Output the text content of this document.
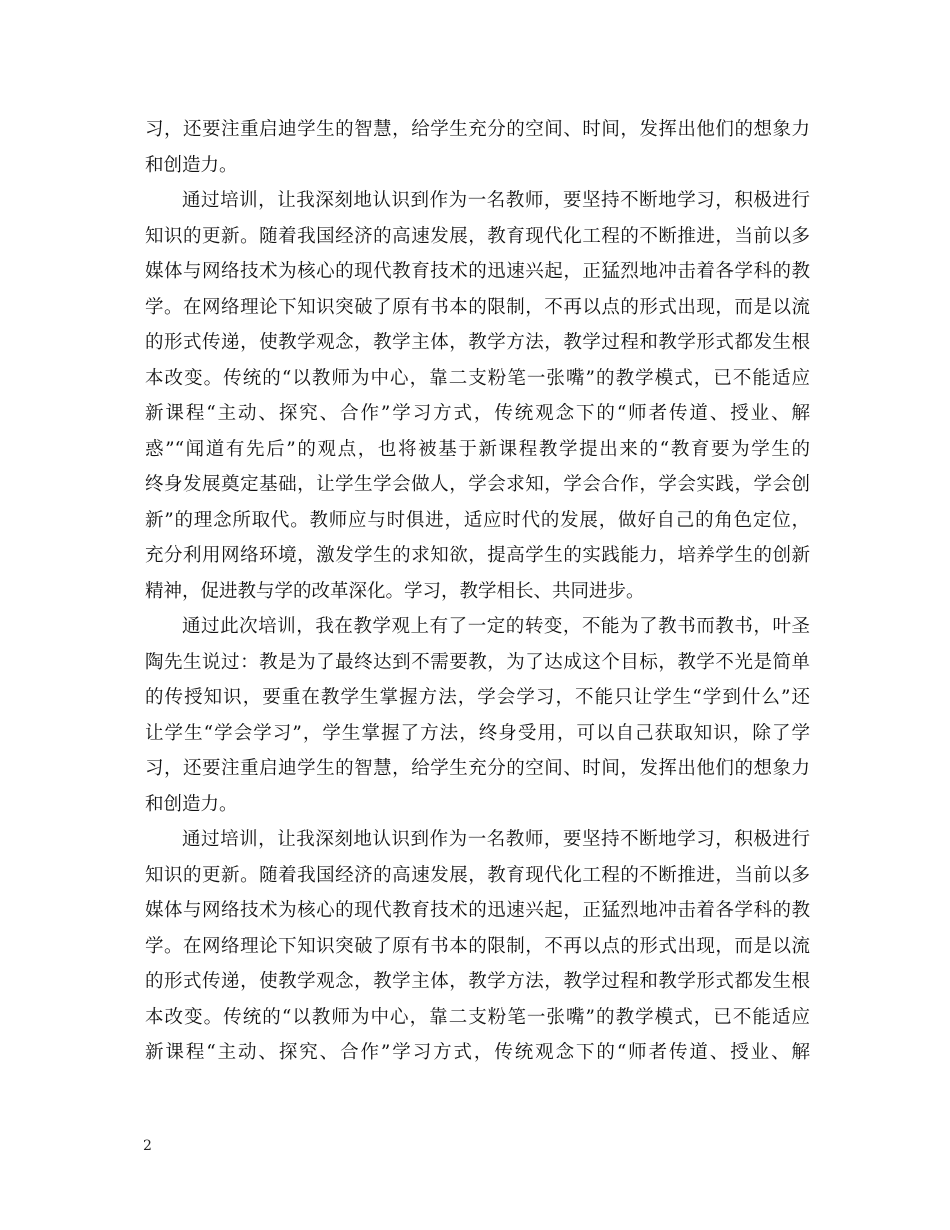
习，还要注重启迪学生的智慧，给学生充分的空间、时间，发挥出他们的想象力
和创造力。
通过培训，让我深刻地认识到作为一名教师，要坚持不断地学习，积极进行
知识的更新。随着我国经济的高速发展，教育现代化工程的不断推进，当前以多
媒体与网络技术为核心的现代教育技术的迅速兴起，正猛烈地冲击着各学科的教
学。在网络理论下知识突破了原有书本的限制，不再以点的形式出现，而是以流
的形式传递，使教学观念，教学主体，教学方法，教学过程和教学形式都发生根
本改变。传统的“以教师为中心，靠二支粉笔一张嘴”的教学模式，已不能适应
新课程“主动、探究、合作”学习方式，传统观念下的“师者传道、授业、解
惑”“闻道有先后”的观点，也将被基于新课程教学提出来的“教育要为学生的
终身发展奠定基础，让学生学会做人，学会求知，学会合作，学会实践，学会创
新”的理念所取代。教师应与时俱进，适应时代的发展，做好自己的角色定位，
充分利用网络环境，激发学生的求知欲，提高学生的实践能力，培养学生的创新
精神，促进教与学的改革深化。学习，教学相长、共同进步。
通过此次培训，我在教学观上有了一定的转变，不能为了教书而教书，叶圣
陶先生说过：教是为了最终达到不需要教，为了达成这个目标，教学不光是简单
的传授知识，要重在教学生掌握方法，学会学习，不能只让学生“学到什么”还
让学生“学会学习”，学生掌握了方法，终身受用，可以自己获取知识，除了学
习，还要注重启迪学生的智慧，给学生充分的空间、时间，发挥出他们的想象力
和创造力。
通过培训，让我深刻地认识到作为一名教师，要坚持不断地学习，积极进行
知识的更新。随着我国经济的高速发展，教育现代化工程的不断推进，当前以多
媒体与网络技术为核心的现代教育技术的迅速兴起，正猛烈地冲击着各学科的教
学。在网络理论下知识突破了原有书本的限制，不再以点的形式出现，而是以流
的形式传递，使教学观念，教学主体，教学方法，教学过程和教学形式都发生根
本改变。传统的“以教师为中心，靠二支粉笔一张嘴”的教学模式，已不能适应
新课程“主动、探究、合作”学习方式，传统观念下的“师者传道、授业、解
2
